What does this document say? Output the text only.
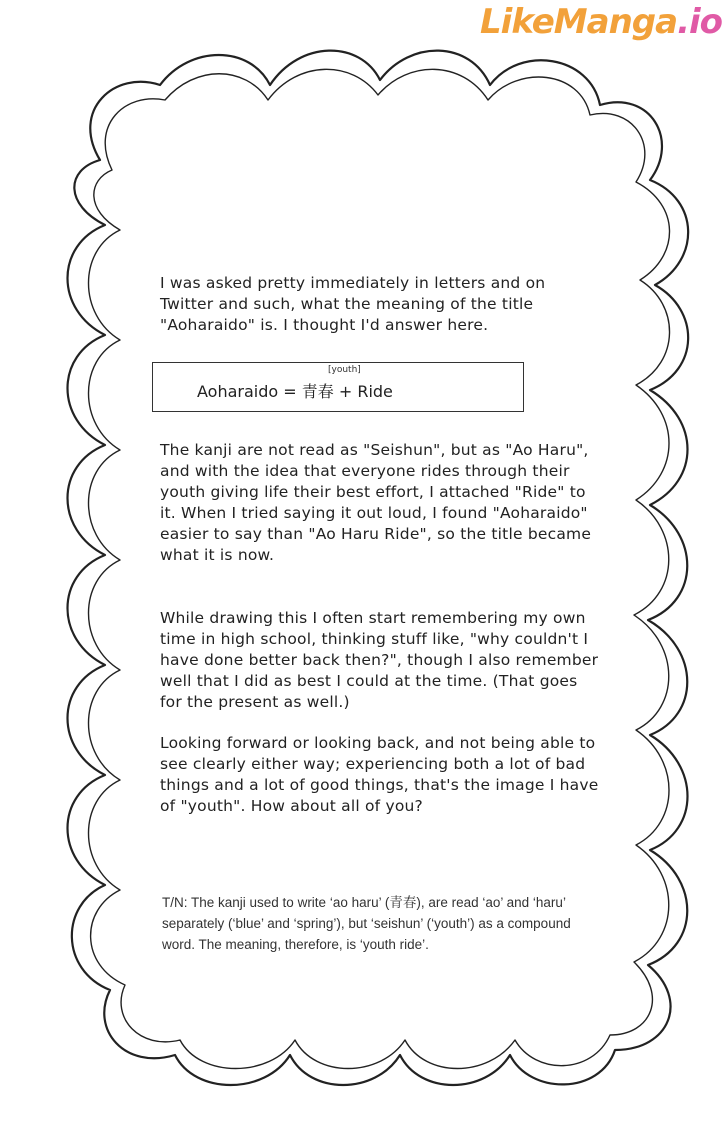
LikeManga.io
I was asked pretty immediately in letters and on Twitter and such, what the meaning of the title "Aoharaido" is. I thought I'd answer here.
[youth]
Aoharaido = 青春 + Ride
The kanji are not read as "Seishun", but as "Ao Haru", and with the idea that everyone rides through their youth giving life their best effort, I attached "Ride" to it. When I tried saying it out loud, I found "Aoharaido" easier to say than "Ao Haru Ride", so the title became what it is now.
While drawing this I often start remembering my own time in high school, thinking stuff like, "why couldn't I have done better back then?", though I also remember well that I did as best I could at the time. (That goes for the present as well.)
Looking forward or looking back, and not being able to see clearly either way; experiencing both a lot of bad things and a lot of good things, that's the image I have of "youth". How about all of you?
T/N: The kanji used to write ‘ao haru’ (青春), are read ‘ao’ and ‘haru’ separately (‘blue’ and ‘spring’), but ‘seishun’ (‘youth’) as a compound word. The meaning, therefore, is ‘youth ride’.
